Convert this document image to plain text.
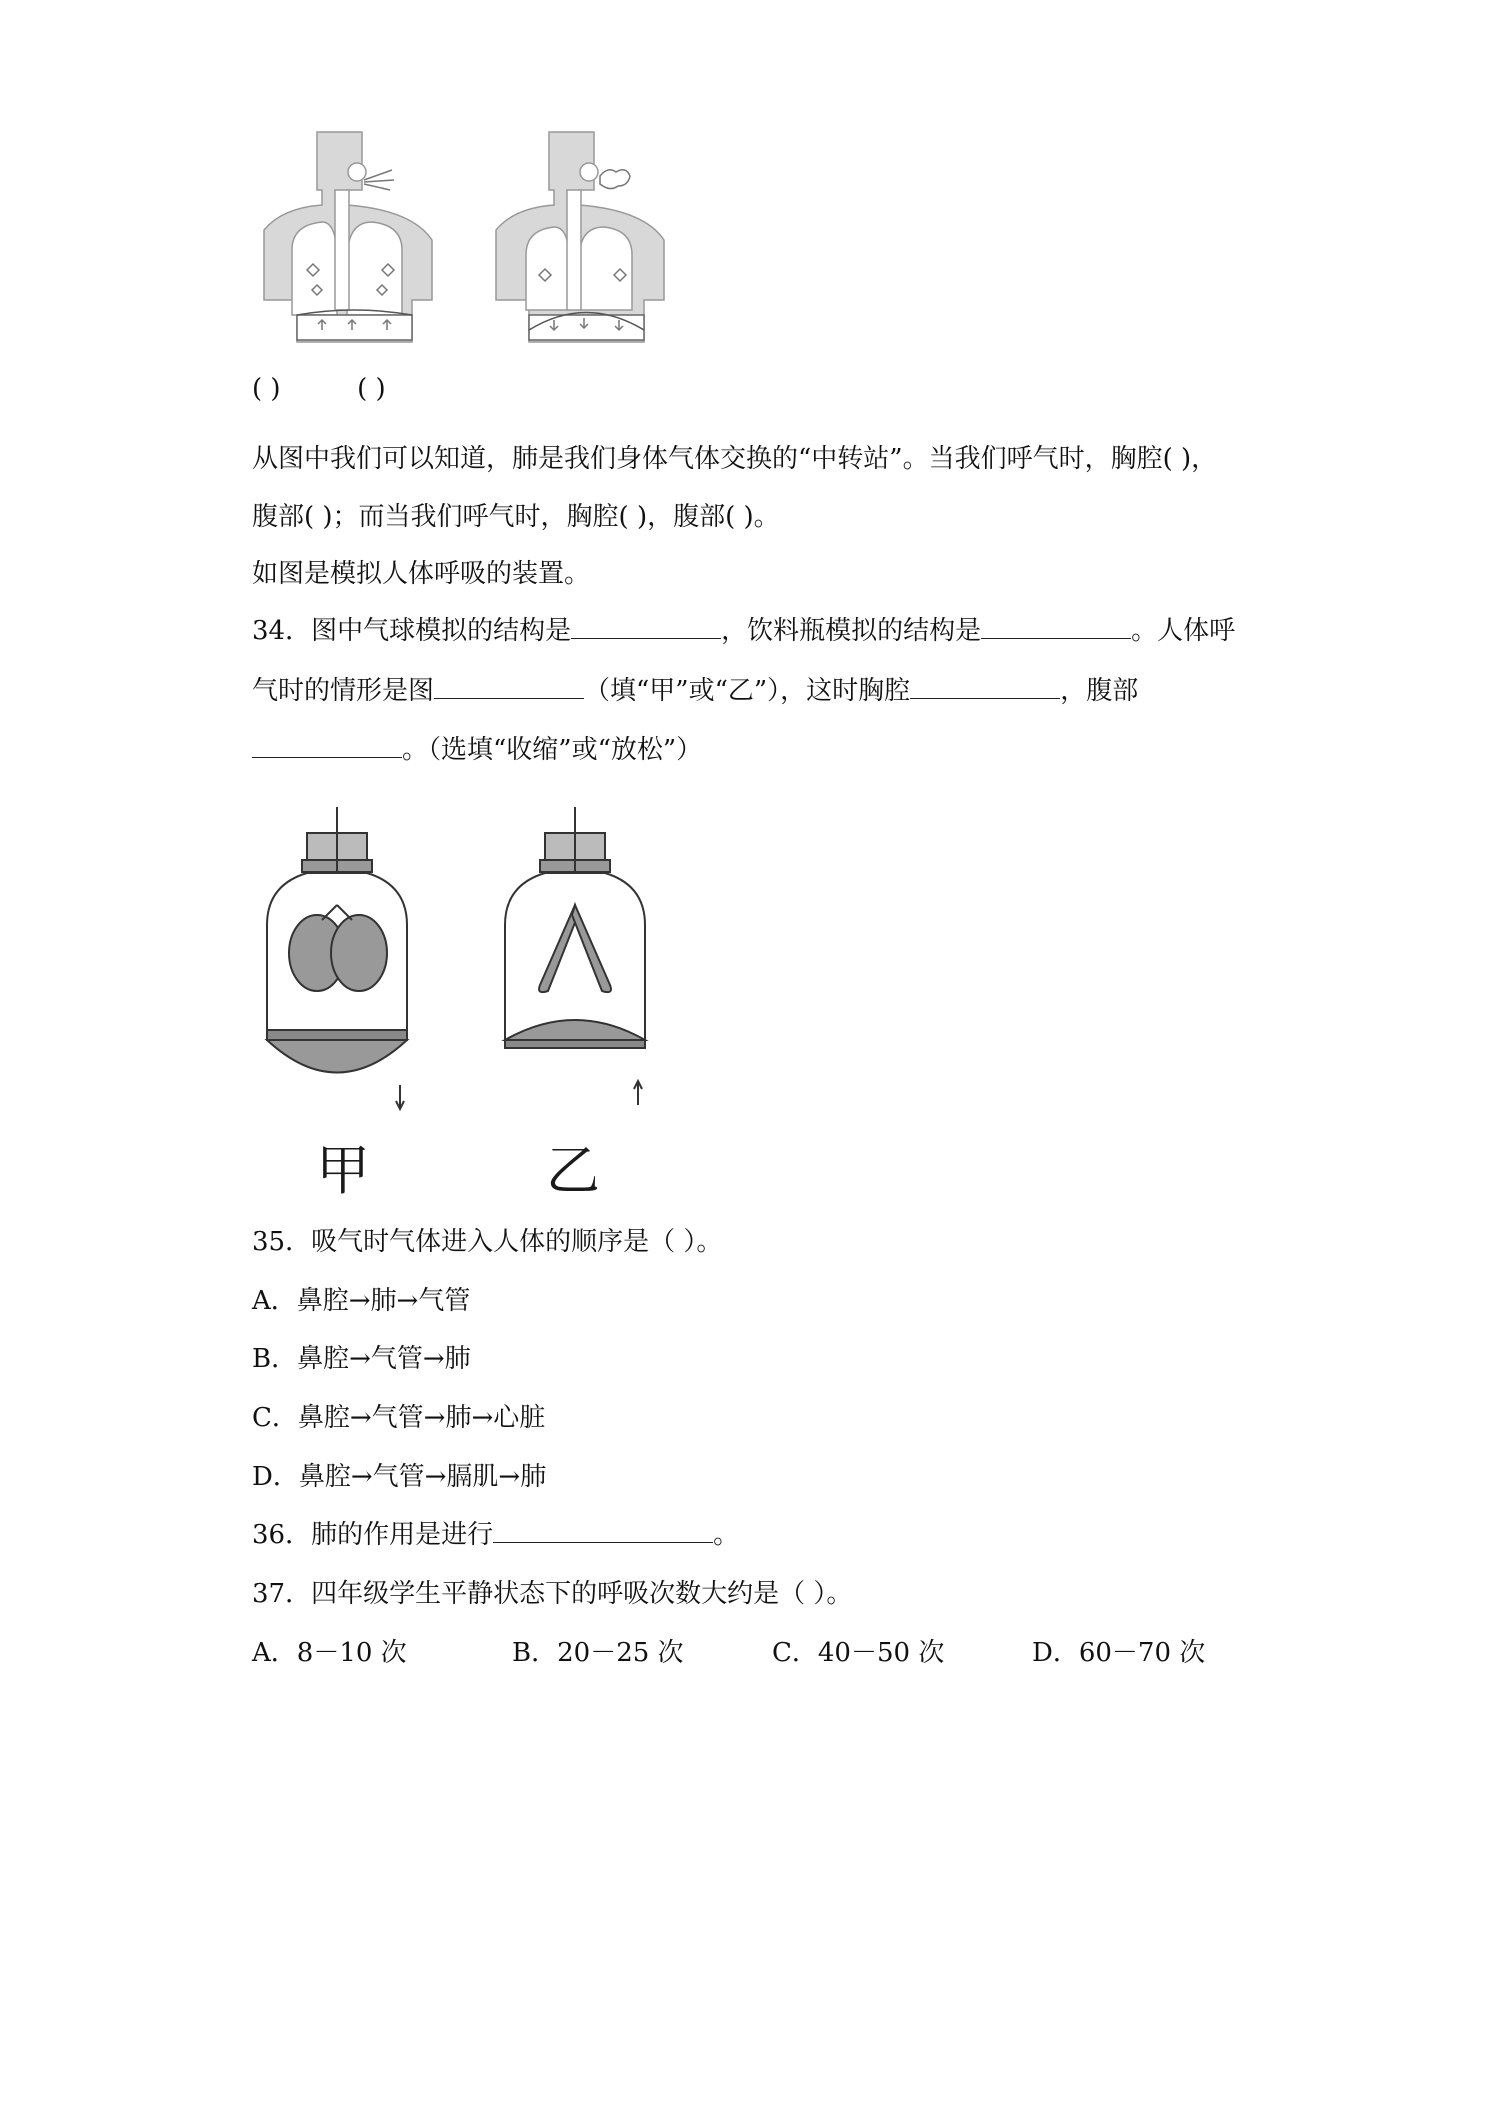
( )	( )
从图中我们可以知道，肺是我们身体气体交换的“中转站”。当我们呼气时，胸腔( )，
腹部( )；而当我们呼气时，胸腔( )，腹部( )。
如图是模拟人体呼吸的装置。
34．图中气球模拟的结构是	，饮料瓶模拟的结构是	。人体呼
气时的情形是图	（填“甲”或“乙”），这时胸腔	，腹部
。（选填“收缩”或“放松”）
甲	乙
35．吸气时气体进入人体的顺序是（ ）。
A．鼻腔→肺→气管
B．鼻腔→气管→肺
C．鼻腔→气管→肺→心脏
D．鼻腔→气管→膈肌→肺
36．肺的作用是进行	。
37．四年级学生平静状态下的呼吸次数大约是（ ）。
A．8－10 次	B．20－25 次	C．40－50 次	D．60－70 次
